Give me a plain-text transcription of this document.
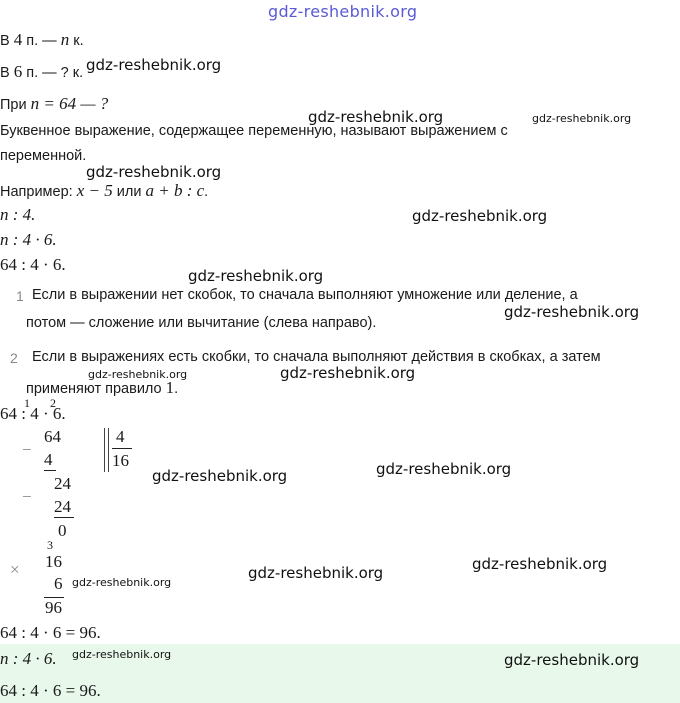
gdz-reshebnik.org
В 4 п. — n к.
В 6 п. — ? к. gdz-reshebnik.org
При n = 64 — ?
gdz-reshebnik.org	gdz-reshebnik.org
Буквенное выражение, содержащее переменную, называют выражением с
переменной.
gdz-reshebnik.org
Например: x − 5 или a + b : c.
n : 4.	gdz-reshebnik.org
n : 4 · 6.
64 : 4 · 6.
gdz-reshebnik.org
1 Если в выражении нет скобок, то сначала выполняют умножение или деление, а
потом — сложение или вычитание (слева направо).
gdz-reshebnik.org
2 Если в выражениях есть скобки, то сначала выполняют действия в скобках, а затем
применяют правило 1.
gdz-reshebnik.org	gdz-reshebnik.org
64 : 4 · 6.
1 2
−
64
4
4
16
−
24
24
0
gdz-reshebnik.org	gdz-reshebnik.org
3
× 16
6
96
gdz-reshebnik.org
gdz-reshebnik.org	gdz-reshebnik.org
64 : 4 · 6 = 96.
n : 4 · 6. gdz-reshebnik.org	gdz-reshebnik.org
64 : 4 · 6 = 96.
